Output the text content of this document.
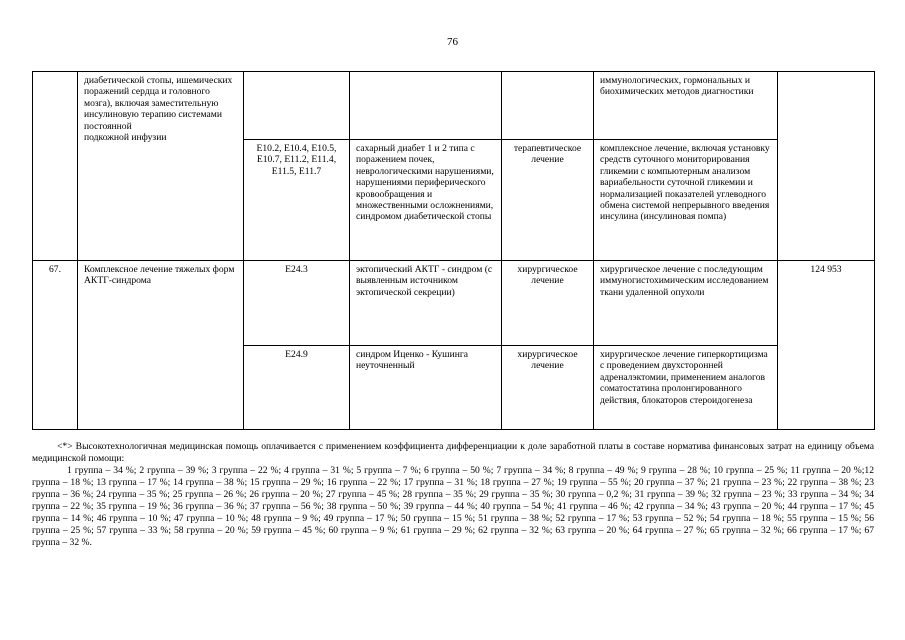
76

	диабетической стопы, ишемических поражений сердца и головного мозга), включая заместительную инсулиновую терапию системами постоянной
подкожной инфузии				иммунологических, гормональных и биохимических методов диагностики	
		E10.2, E10.4, E10.5, E10.7, E11.2, E11.4, E11.5, E11.7	сахарный диабет 1 и 2 типа с поражением почек, неврологическими нарушениями, нарушениями периферического кровообращения и множественными осложнениями, синдромом диабетической стопы	терапевтическое лечение	комплексное лечение, включая установку средств суточного мониторирования гликемии с компьютерным анализом вариабельности суточной гликемии и нормализацией показателей углеводного обмена системой непрерывного введения инсулина (инсулиновая помпа)	
67.	Комплексное лечение тяжелых форм АКТГ-синдрома	E24.3	эктопический АКТГ - синдром (с выявленным источником эктопической секреции)	хирургическое лечение	хирургическое лечение с последующим иммуногистохимическим исследованием ткани удаленной опухоли	124 953
		E24.9	синдром Иценко - Кушинга неуточненный	хирургическое лечение	хирургическое лечение гиперкортицизма с проведением двухсторонней адреналэктомии, применением аналогов соматостатина пролонгированного действия, блокаторов стероидогенеза	

<*> Высокотехнологичная медицинская помощь оплачивается с применением коэффициента дифференциации к доле заработной платы в составе норматива финансовых затрат на единицу объема медицинской помощи:

1 группа – 34 %; 2 группа – 39 %; 3 группа – 22 %; 4 группа – 31 %; 5 группа – 7 %; 6 группа – 50 %; 7 группа – 34 %; 8 группа – 49 %; 9 группа – 28 %; 10 группа – 25 %; 11 группа – 20 %;12 группа – 18 %; 13 группа – 17 %; 14 группа – 38 %; 15 группа – 29 %; 16 группа – 22 %; 17 группа – 31 %; 18 группа – 27 %; 19 группа – 55 %; 20 группа – 37 %; 21 группа – 23 %; 22 группа – 38 %; 23 группа – 36 %; 24 группа – 35 %; 25 группа – 26 %; 26 группа – 20 %; 27 группа – 45 %; 28 группа – 35 %; 29 группа – 35 %; 30 группа – 0,2 %; 31 группа – 39 %; 32 группа – 23 %; 33 группа – 34 %; 34 группа – 22 %; 35 группа – 19 %; 36 группа – 36 %; 37 группа – 56 %; 38 группа – 50 %; 39 группа – 44 %; 40 группа – 54 %; 41 группа – 46 %; 42 группа – 34 %; 43 группа – 20 %; 44 группа – 17 %; 45 группа – 14 %; 46 группа – 10 %; 47 группа – 10 %; 48 группа – 9 %; 49 группа – 17 %; 50 группа – 15 %; 51 группа – 38 %; 52 группа – 17 %; 53 группа – 52 %; 54 группа – 18 %; 55 группа – 15 %; 56 группа – 25 %; 57 группа – 33 %; 58 группа – 20 %; 59 группа – 45 %; 60 группа – 9 %; 61 группа – 29 %; 62 группа – 32 %; 63 группа – 20 %; 64 группа – 27 %; 65 группа – 32 %; 66 группа – 17 %; 67 группа – 32 %.
